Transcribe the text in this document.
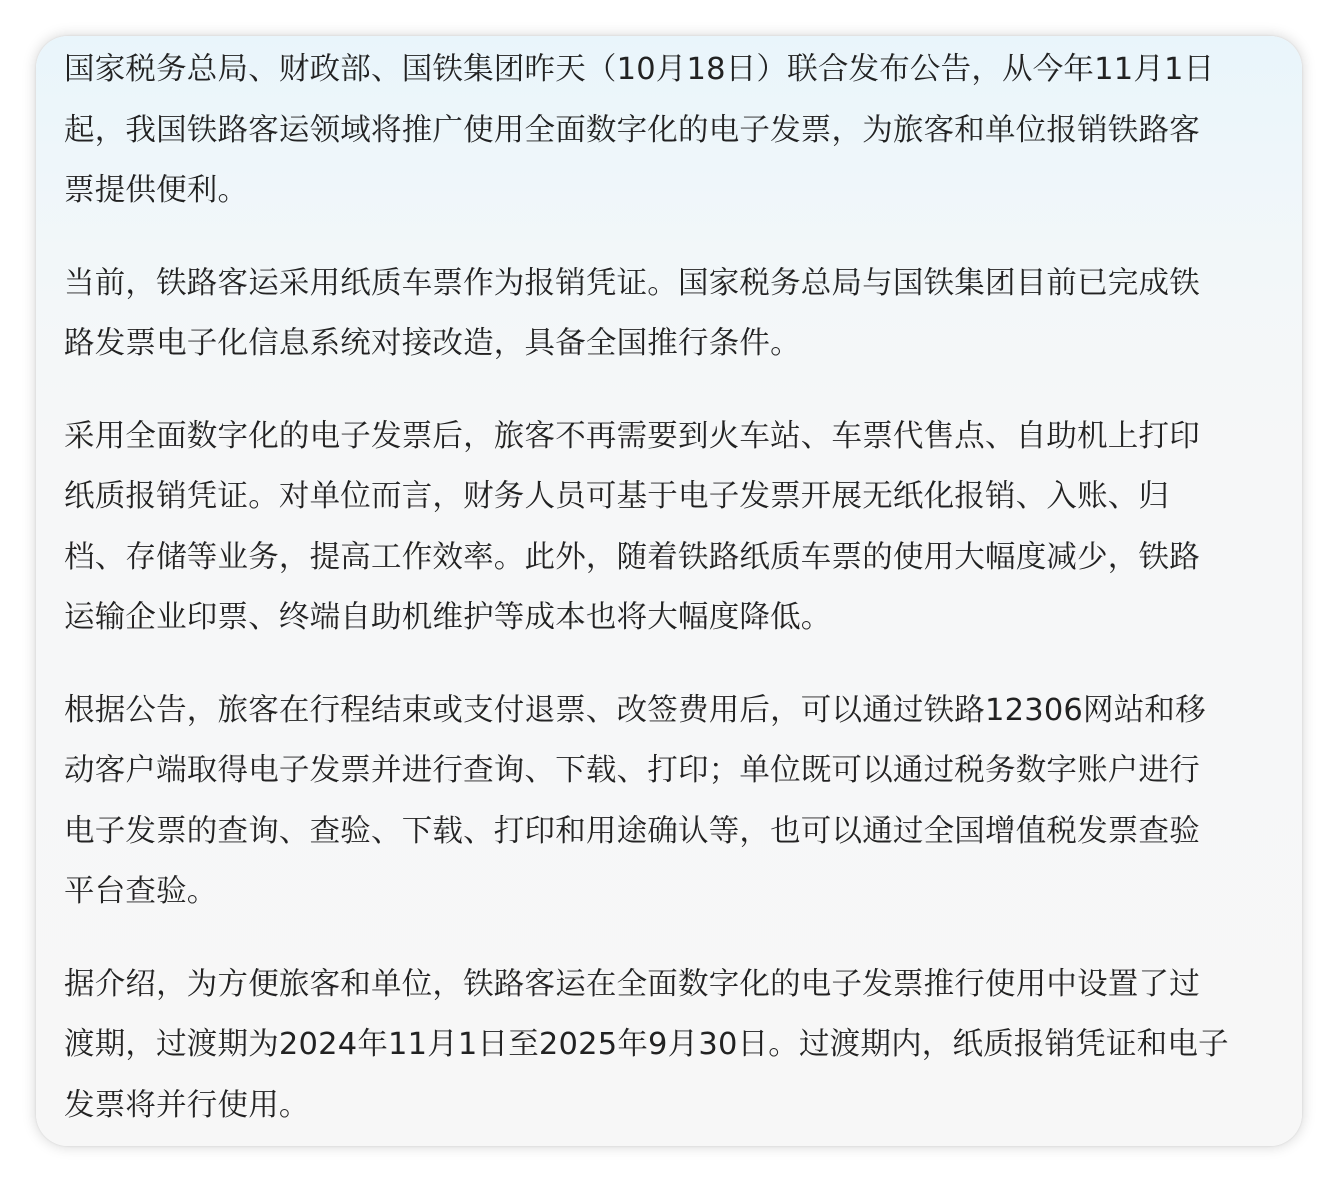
国家税务总局、财政部、国铁集团昨天（10月18日）联合发布公告，从今年11月1日
起，我国铁路客运领域将推广使用全面数字化的电子发票，为旅客和单位报销铁路客
票提供便利。

当前，铁路客运采用纸质车票作为报销凭证。国家税务总局与国铁集团目前已完成铁
路发票电子化信息系统对接改造，具备全国推行条件。

采用全面数字化的电子发票后，旅客不再需要到火车站、车票代售点、自助机上打印
纸质报销凭证。对单位而言，财务人员可基于电子发票开展无纸化报销、入账、归
档、存储等业务，提高工作效率。此外，随着铁路纸质车票的使用大幅度减少，铁路
运输企业印票、终端自助机维护等成本也将大幅度降低。

根据公告，旅客在行程结束或支付退票、改签费用后，可以通过铁路12306网站和移
动客户端取得电子发票并进行查询、下载、打印；单位既可以通过税务数字账户进行
电子发票的查询、查验、下载、打印和用途确认等，也可以通过全国增值税发票查验
平台查验。

据介绍，为方便旅客和单位，铁路客运在全面数字化的电子发票推行使用中设置了过
渡期，过渡期为2024年11月1日至2025年9月30日。过渡期内，纸质报销凭证和电子
发票将并行使用。
